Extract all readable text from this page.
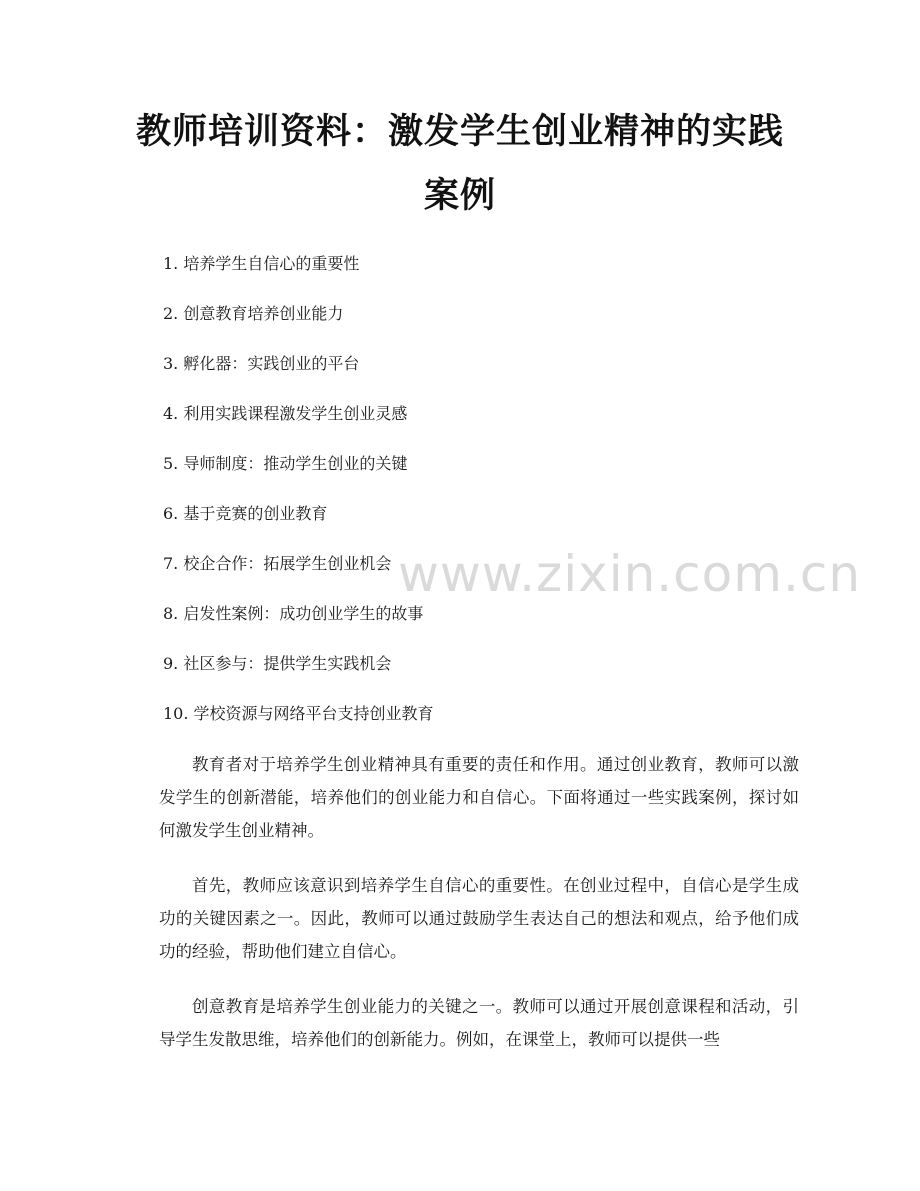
教师培训资料：激发学生创业精神的实践案例
1. 培养学生自信心的重要性
2. 创意教育培养创业能力
3. 孵化器：实践创业的平台
4. 利用实践课程激发学生创业灵感
5. 导师制度：推动学生创业的关键
6. 基于竞赛的创业教育
7. 校企合作：拓展学生创业机会
8. 启发性案例：成功创业学生的故事
9. 社区参与：提供学生实践机会
10. 学校资源与网络平台支持创业教育

教育者对于培养学生创业精神具有重要的责任和作用。通过创业教育，教师可以激发学生的创新潜能，培养他们的创业能力和自信心。下面将通过一些实践案例，探讨如何激发学生创业精神。

首先，教师应该意识到培养学生自信心的重要性。在创业过程中，自信心是学生成功的关键因素之一。因此，教师可以通过鼓励学生表达自己的想法和观点，给予他们成功的经验，帮助他们建立自信心。

创意教育是培养学生创业能力的关键之一。教师可以通过开展创意课程和活动，引导学生发散思维，培养他们的创新能力。例如，在课堂上，教师可以提供一些

www.zixin.com.cn
